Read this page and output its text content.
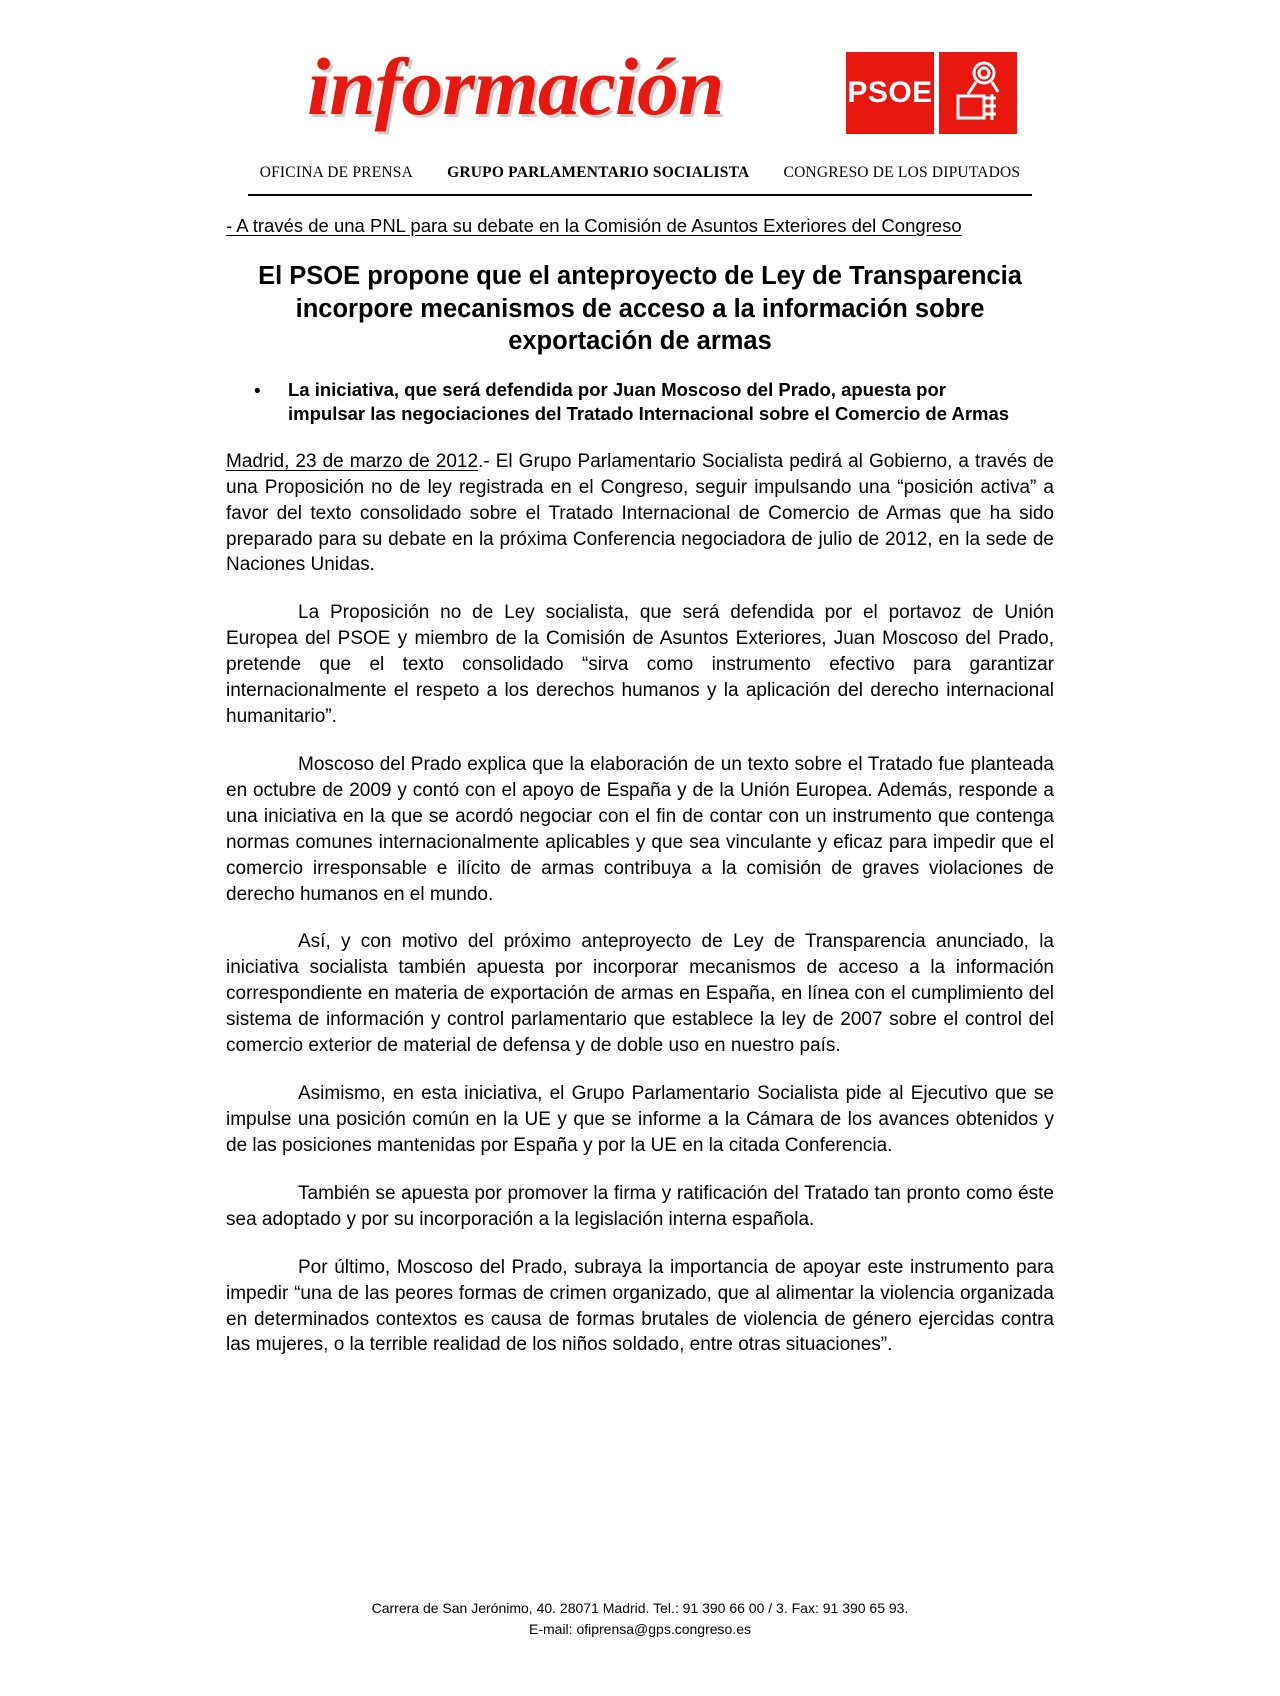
información	PSOE
OFICINA DE PRENSA GRUPO PARLAMENTARIO SOCIALISTA CONGRESO DE LOS DIPUTADOS
- A través de una PNL para su debate en la Comisión de Asuntos Exteriores del Congreso
El PSOE propone que el anteproyecto de Ley de Transparencia incorpore mecanismos de acceso a la información sobre exportación de armas
•	La iniciativa, que será defendida por Juan Moscoso del Prado, apuesta por impulsar las negociaciones del Tratado Internacional sobre el Comercio de Armas

Madrid, 23 de marzo de 2012.- El Grupo Parlamentario Socialista pedirá al Gobierno, a través de una Proposición no de ley registrada en el Congreso, seguir impulsando una “posición activa” a favor del texto consolidado sobre el Tratado Internacional de Comercio de Armas que ha sido preparado para su debate en la próxima Conferencia negociadora de julio de 2012, en la sede de Naciones Unidas.

La Proposición no de Ley socialista, que será defendida por el portavoz de Unión Europea del PSOE y miembro de la Comisión de Asuntos Exteriores, Juan Moscoso del Prado, pretende que el texto consolidado “sirva como instrumento efectivo para garantizar internacionalmente el respeto a los derechos humanos y la aplicación del derecho internacional humanitario”.

Moscoso del Prado explica que la elaboración de un texto sobre el Tratado fue planteada en octubre de 2009 y contó con el apoyo de España y de la Unión Europea. Además, responde a una iniciativa en la que se acordó negociar con el fin de contar con un instrumento que contenga normas comunes internacionalmente aplicables y que sea vinculante y eficaz para impedir que el comercio irresponsable e ilícito de armas contribuya a la comisión de graves violaciones de derecho humanos en el mundo.

Así, y con motivo del próximo anteproyecto de Ley de Transparencia anunciado, la iniciativa socialista también apuesta por incorporar mecanismos de acceso a la información correspondiente en materia de exportación de armas en España, en línea con el cumplimiento del sistema de información y control parlamentario que establece la ley de 2007 sobre el control del comercio exterior de material de defensa y de doble uso en nuestro país.

Asimismo, en esta iniciativa, el Grupo Parlamentario Socialista pide al Ejecutivo que se impulse una posición común en la UE y que se informe a la Cámara de los avances obtenidos y de las posiciones mantenidas por España y por la UE en la citada Conferencia.

También se apuesta por promover la firma y ratificación del Tratado tan pronto como éste sea adoptado y por su incorporación a la legislación interna española.

Por último, Moscoso del Prado, subraya la importancia de apoyar este instrumento para impedir “una de las peores formas de crimen organizado, que al alimentar la violencia organizada en determinados contextos es causa de formas brutales de violencia de género ejercidas contra las mujeres, o la terrible realidad de los niños soldado, entre otras situaciones”.

Carrera de San Jerónimo, 40. 28071 Madrid. Tel.: 91 390 66 00 / 3. Fax: 91 390 65 93.
E-mail: ofiprensa@gps.congreso.es
